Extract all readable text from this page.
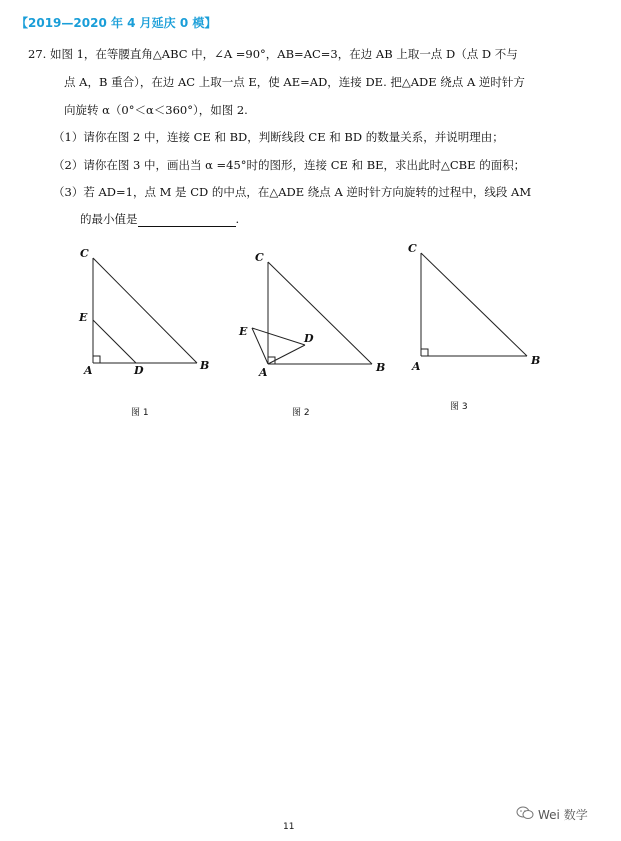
【2019—2020 年 4 月延庆 0 模】
27. 如图 1，在等腰直角△ABC 中，∠A =90°，AB=AC=3，在边 AB 上取一点 D（点 D 不与
点 A，B 重合），在边 AC 上取一点 E，使 AE=AD，连接 DE. 把△ADE 绕点 A 逆时针方
向旋转 α（0°＜α＜360°），如图 2.
（1）请你在图 2 中，连接 CE 和 BD，判断线段 CE 和 BD 的数量关系，并说明理由；
（2）请你在图 3 中，画出当 α =45°时的图形，连接 CE 和 BE，求出此时△CBE 的面积；
（3）若 AD=1，点 M 是 CD 的中点，在△ADE 绕点 A 逆时针方向旋转的过程中，线段 AM
的最小值是	.
C
E
A	D	B
C
E
D
A	B
C
A	B
图 1	图 2
图 3
11
Wei 数学
